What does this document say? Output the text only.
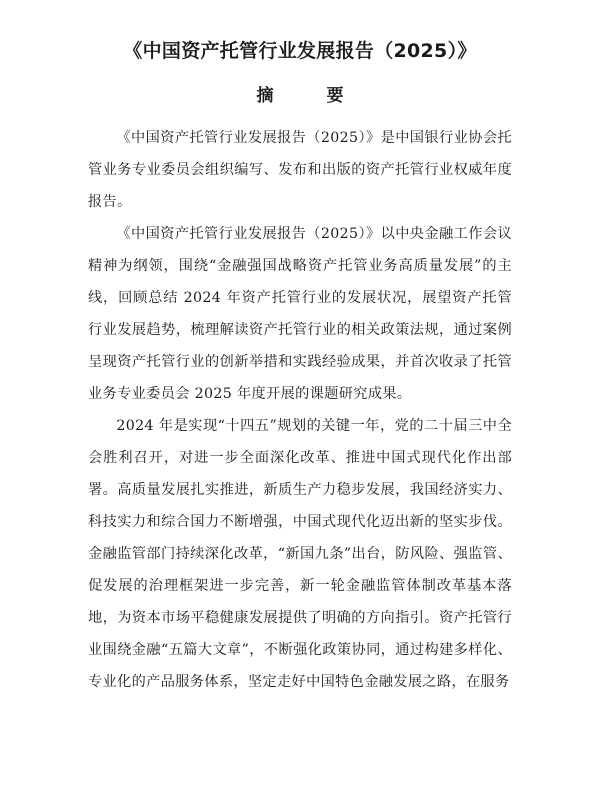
《中国资产托管行业发展报告（2025）》
摘　要

《中国资产托管行业发展报告（2025）》是中国银行业协会托管业务专业委员会组织编写、发布和出版的资产托管行业权威年度报告。

《中国资产托管行业发展报告（2025）》以中央金融工作会议精神为纲领，围绕“金融强国战略资产托管业务高质量发展”的主线，回顾总结 2024 年资产托管行业的发展状况，展望资产托管行业发展趋势，梳理解读资产托管行业的相关政策法规，通过案例呈现资产托管行业的创新举措和实践经验成果，并首次收录了托管业务专业委员会 2025 年度开展的课题研究成果。

2024 年是实现“十四五”规划的关键一年，党的二十届三中全会胜利召开，对进一步全面深化改革、推进中国式现代化作出部署。高质量发展扎实推进，新质生产力稳步发展，我国经济实力、科技实力和综合国力不断增强，中国式现代化迈出新的坚实步伐。金融监管部门持续深化改革，“新国九条”出台，防风险、强监管、促发展的治理框架进一步完善，新一轮金融监管体制改革基本落地，为资本市场平稳健康发展提供了明确的方向指引。资产托管行业围绕金融“五篇大文章”，不断强化政策协同，通过构建多样化、专业化的产品服务体系，坚定走好中国特色金融发展之路，在服务
